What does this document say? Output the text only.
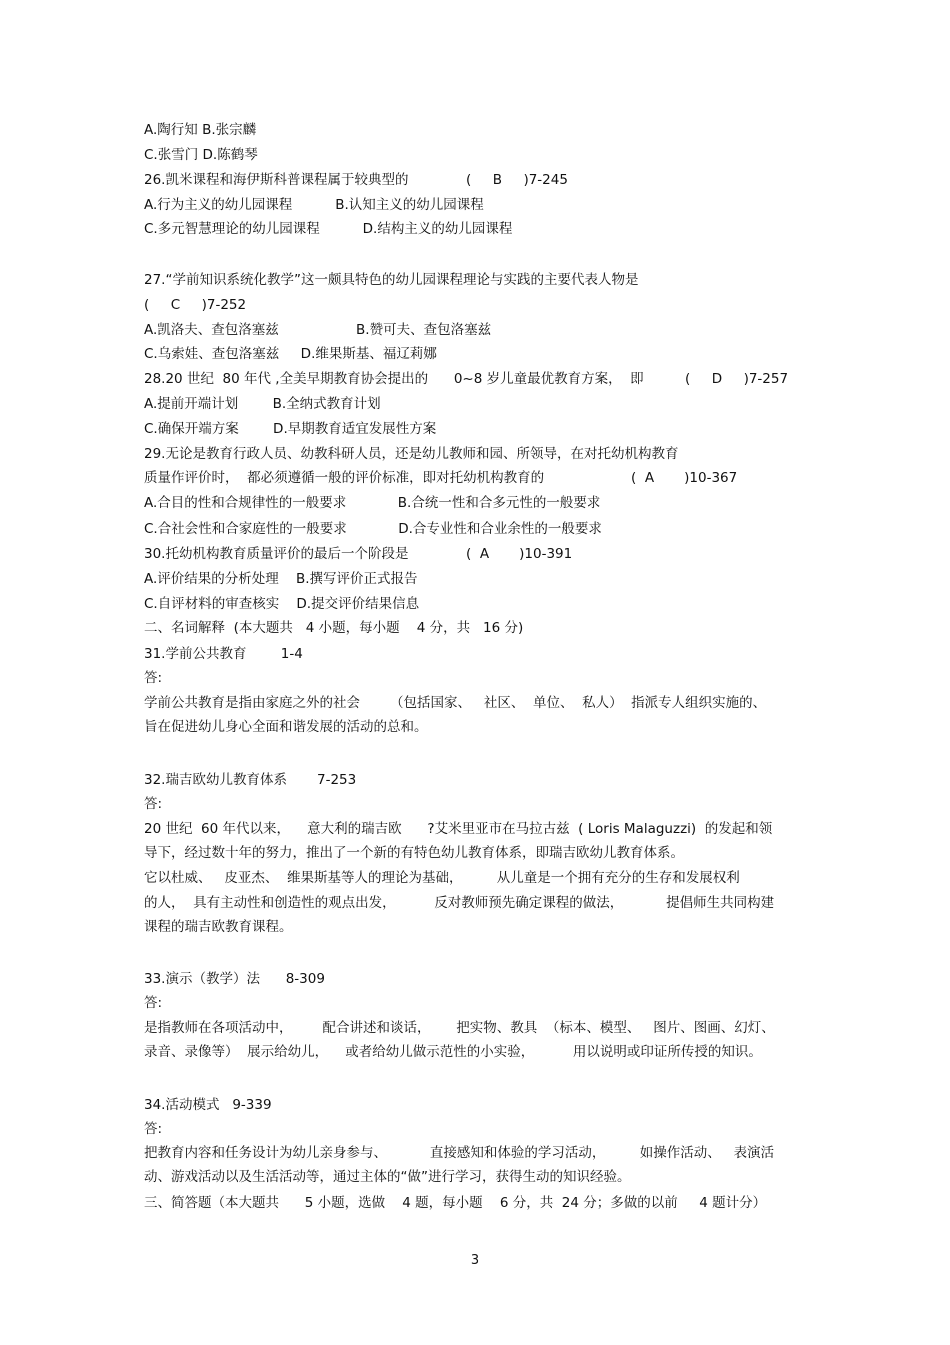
A.陶行知 B.张宗麟
C.张雪门 D.陈鹤琴
26.凯米课程和海伊斯科普课程属于较典型的	(     B     )7-245
A.行为主义的幼儿园课程          B.认知主义的幼儿园课程
C.多元智慧理论的幼儿园课程          D.结构主义的幼儿园课程
27.“学前知识系统化教学”这一颇具特色的幼儿园课程理论与实践的主要代表人物是
(     C     )7-252
A.凯洛夫、查包洛塞兹                  B.赞可夫、查包洛塞兹
C.乌索娃、查包洛塞兹     D.维果斯基、福辽莉娜
28.20 世纪  80 年代 ,全美早期教育协会提出的      0~8 岁儿童最优教育方案，  即	(     D     )7-257
A.提前开端计划        B.全纳式教育计划
C.确保开端方案        D.早期教育适宜发展性方案
29.无论是教育行政人员、幼教科研人员，还是幼儿教师和园、所领导，在对托幼机构教育
质量作评价时，  都必须遵循一般的评价标准，即对托幼机构教育的	(  A       )10-367
A.合目的性和合规律性的一般要求            B.合统一性和合多元性的一般要求
C.合社会性和合家庭性的一般要求            D.合专业性和合业余性的一般要求
30.托幼机构教育质量评价的最后一个阶段是	(  A       )10-391
A.评价结果的分析处理    B.撰写评价正式报告
C.自评材料的审查核实    D.提交评价结果信息
二、名词解释  (本大题共   4 小题，每小题    4 分，共   16 分)
31.学前公共教育        1-4
答:
学前公共教育是指由家庭之外的社会       （包括国家、   社区、  单位、  私人）  指派专人组织实施的、
旨在促进幼儿身心全面和谐发展的活动的总和。
32.瑞吉欧幼儿教育体系       7-253
答:
20 世纪  60 年代以来，    意大利的瑞吉欧      ?艾米里亚市在马拉古兹  ( Loris Malaguzzi)  的发起和领
导下，经过数十年的努力，推出了一个新的有特色幼儿教育体系，即瑞吉欧幼儿教育体系。
它以杜威、   皮亚杰、  维果斯基等人的理论为基础，        从儿童是一个拥有充分的生存和发展权利
的人，  具有主动性和创造性的观点出发，         反对教师预先确定课程的做法，          提倡师生共同构建
课程的瑞吉欧教育课程。
33.演示（教学）法      8-309
答:
是指教师在各项活动中，       配合讲述和谈话，      把实物、教具  （标本、模型、   图片、图画、幻灯、
录音、录像等）  展示给幼儿，    或者给幼儿做示范性的小实验，         用以说明或印证所传授的知识。
34.活动模式   9-339
答:
把教育内容和任务设计为幼儿亲身参与、          直接感知和体验的学习活动，        如操作活动、   表演活
动、游戏活动以及生活活动等，通过主体的“做”进行学习，获得生动的知识经验。
三、简答题（本大题共      5 小题，选做    4 题，每小题    6 分，共  24 分；多做的以前     4 题计分）
3
